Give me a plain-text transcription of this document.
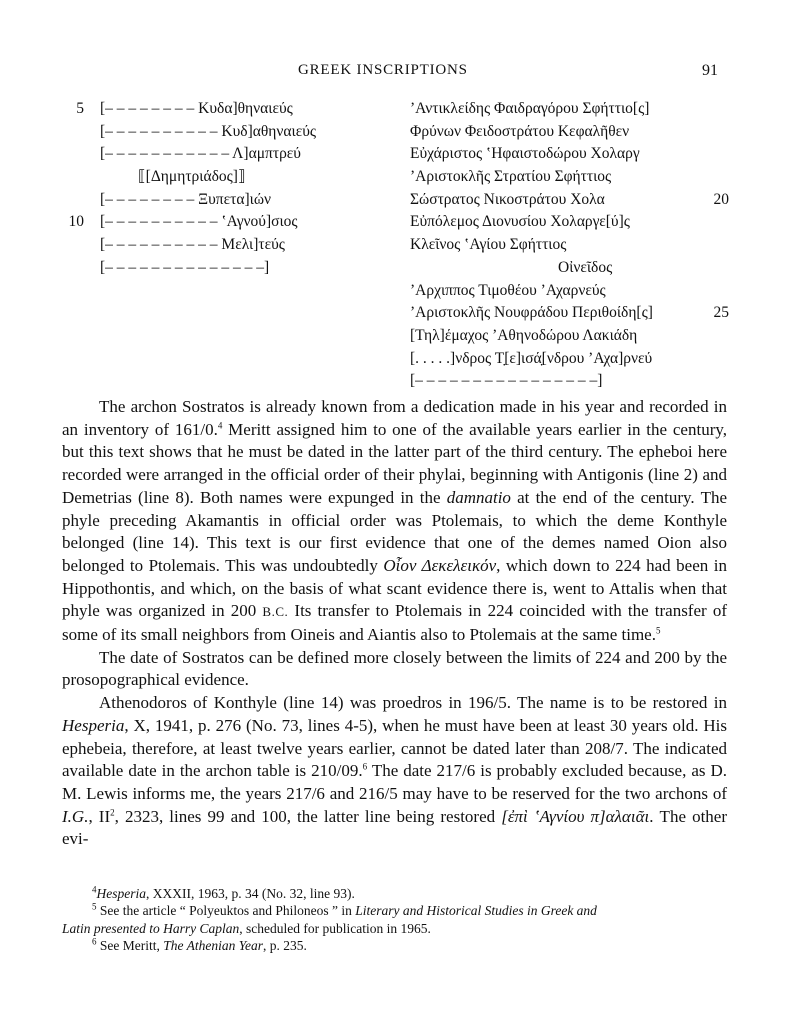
GREEK INSCRIPTIONS	91
5 [– – – – – – – – Κυδα]θηναιεύς
[– – – – – – – – – – Κυδ]αθηναιεύς
[– – – – – – – – – – – Λ]αμπτρεύ
⟦[Δημητριάδος]⟧
[– – – – – – – – Ξυπετα]ιών
10 [– – – – – – – – – – ʽΑγνού]σιος
[– – – – – – – – – – Μελι]τεύς
[– – – – – – – – – – – – – –]
ʼΑντικλείδης Φαιδραγόρου Σφήττιο[ς]
Φρύνων Φειδοστράτου Κεφαλῆθεν
Εὐχάριστος ʽΗφαιστοδώρου Χολαργ
ʼΑριστοκλῆς Στρατίου Σφήττιος
Σώστρατος Νικοστράτου Χολα	20
Εὐπόλεμος Διονυσίου Χολαργε[ύ]ς
Κλεῖνος ʽΑγίου Σφήττιος
Οἰνεῖδος
ʼΑρχιππος Τιμοθέου ʼΑχαρνεύς
ʼΑριστοκλῆς Νουφράδου Περιθοίδη[ς]	25
[Τηλ]έμαχος ʼΑθηνοδώρου Λακιάδη
[. . . . .]νδρος Τ̣[ε]ισά̣[νδρου ʼΑχα]ρνεύ
[– – – – – – – – – – – – – – – –]

The archon Sostratos is already known from a dedication made in his year and recorded in an inventory of 161/0.$^4$ Meritt assigned him to one of the available years earlier in the century, but this text shows that he must be dated in the latter part of the third century. The epheboi here recorded were arranged in the official order of their phylai, beginning with Antigonis (line 2) and Demetrias (line 8). Both names were expunged in the damnatio at the end of the century. The phyle preceding Akamantis in official order was Ptolemais, to which the deme Konthyle belonged (line 14). This text is our first evidence that one of the demes named Oion also belonged to Ptolemais. This was undoubtedly Οἶον Δεκελεικόν, which down to 224 had been in Hippothontis, and which, on the basis of what scant evidence there is, went to Attalis when that phyle was organized in 200 B.C. Its transfer to Ptolemais in 224 coincided with the transfer of some of its small neighbors from Oineis and Aiantis also to Ptolemais at the same time.$^5$

The date of Sostratos can be defined more closely between the limits of 224 and 200 by the prosopographical evidence.

Athenodoros of Konthyle (line 14) was proedros in 196/5. The name is to be restored in Hesperia, X, 1941, p. 276 (No. 73, lines 4-5), when he must have been at least 30 years old. His ephebeia, therefore, at least twelve years earlier, cannot be dated later than 208/7. The indicated available date in the archon table is 210/09.$^6$ The date 217/6 is probably excluded because, as D. M. Lewis informs me, the years 217/6 and 216/5 may have to be reserved for the two archons of I.G., $II^2$, 2323, lines 99 and 100, the latter line being restored [ἐπὶ ʽΑγνίου π]αλαιᾶι. The other evi-

$^4$Hesperia, XXXII, 1963, p. 34 (No. 32, line 93).

$^5$ See the article “ Polyeuktos and Philoneos ” in Literary and Historical Studies in Greek and
Latin presented to Harry Caplan, scheduled for publication in 1965.

$^6$ See Meritt, The Athenian Year, p. 235.
